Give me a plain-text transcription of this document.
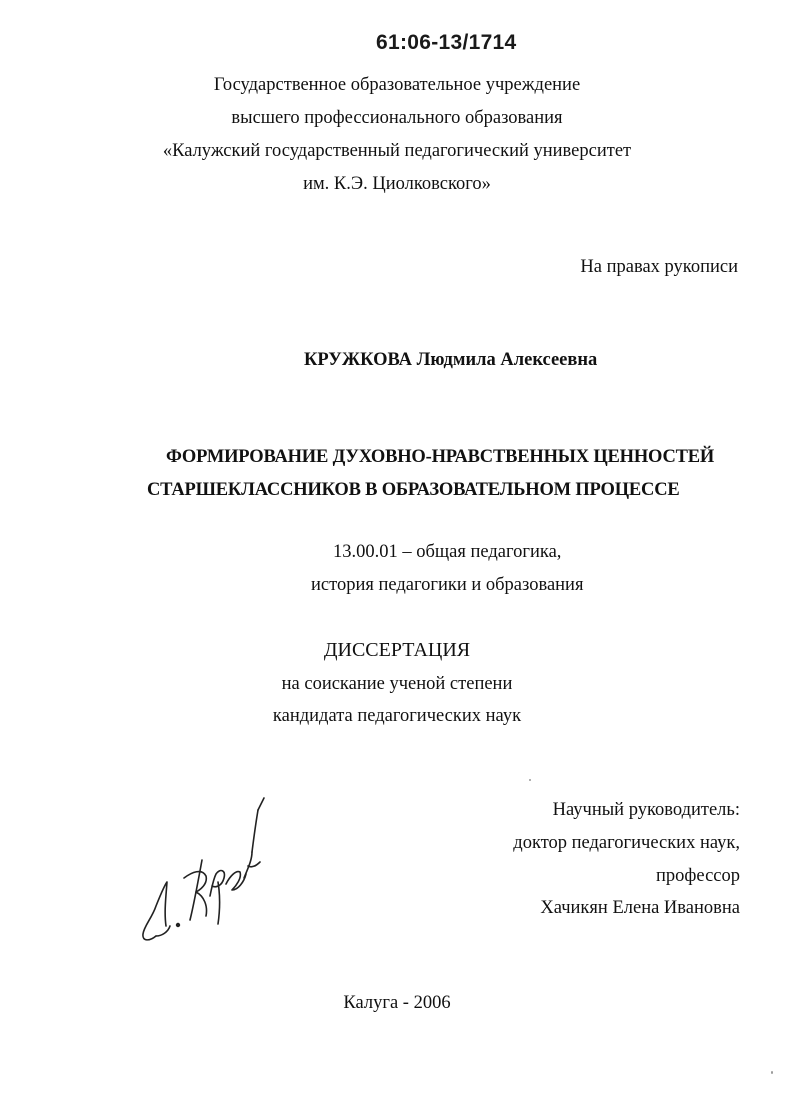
61:06-13/1714
Государственное образовательное учреждение
высшего профессионального образования
«Калужский государственный педагогический университет
им. К.Э. Циолковского»
На правах рукописи
КРУЖКОВА Людмила Алексеевна
ФОРМИРОВАНИЕ ДУХОВНО-НРАВСТВЕННЫХ ЦЕННОСТЕЙ
СТАРШЕКЛАССНИКОВ В ОБРАЗОВАТЕЛЬНОМ ПРОЦЕССЕ
13.00.01 – общая педагогика,
история педагогики и образования
ДИССЕРТАЦИЯ
на соискание ученой степени
кандидата педагогических наук
Научный руководитель:
доктор педагогических наук,
профессор
Хачикян Елена Ивановна
Калуга - 2006
